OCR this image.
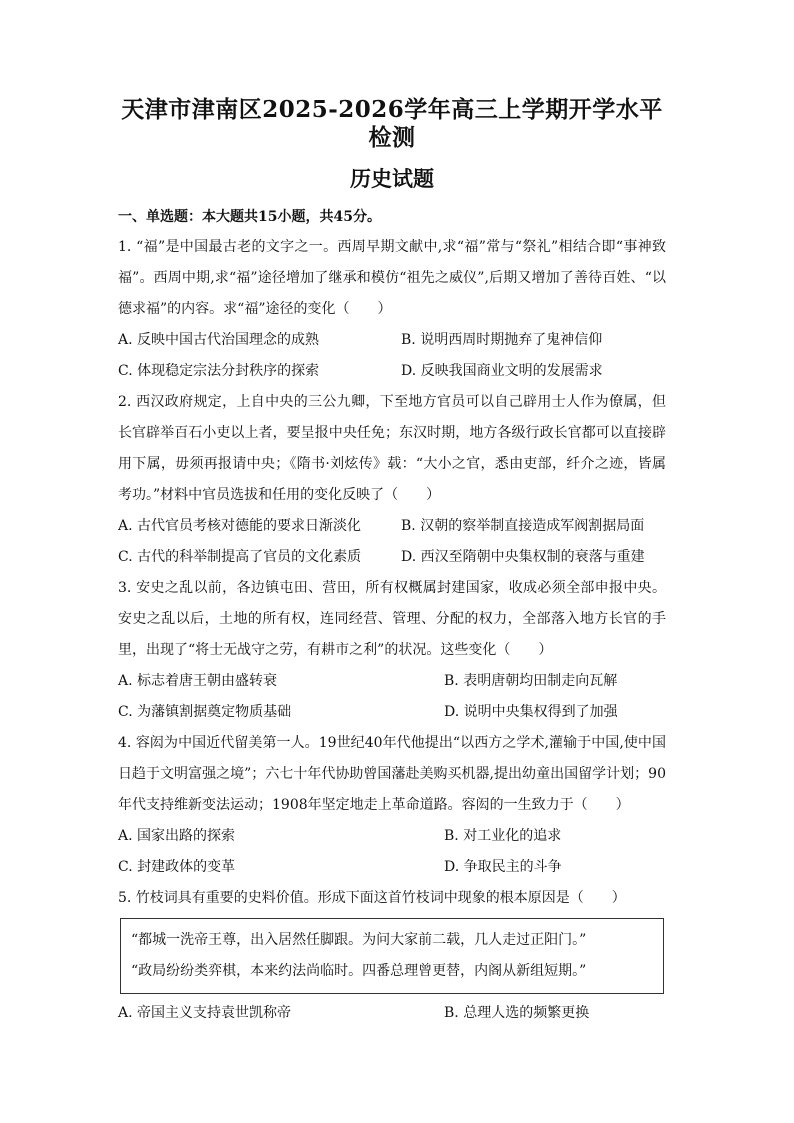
天津市津南区2025-2026学年高三上学期开学水平检测
历史试题
一、单选题：本大题共15小题，共45分。
1. “福”是中国最古老的文字之一。西周早期文献中,求“福”常与“祭礼”相结合即“事神致福”。西周中期,求“福”途径增加了继承和模仿“祖先之威仪”,后期又增加了善待百姓、“以德求福”的内容。求“福”途径的变化（　　）
A. 反映中国古代治国理念的成熟	B. 说明西周时期抛弃了鬼神信仰
C. 体现稳定宗法分封秩序的探索	D. 反映我国商业文明的发展需求
2. 西汉政府规定，上自中央的三公九卿，下至地方官员可以自己辟用士人作为僚属，但长官辟举百石小吏以上者，要呈报中央任免；东汉时期，地方各级行政长官都可以直接辟用下属，毋须再报请中央；《隋书·刘炫传》载：“大小之官，悉由吏部，纤介之迹，皆属考功。”材料中官员选拔和任用的变化反映了（　　）
A. 古代官员考核对德能的要求日渐淡化	B. 汉朝的察举制直接造成军阀割据局面
C. 古代的科举制提高了官员的文化素质	D. 西汉至隋朝中央集权制的衰落与重建
3. 安史之乱以前，各边镇屯田、营田，所有权概属封建国家，收成必须全部申报中央。安史之乱以后，土地的所有权，连同经营、管理、分配的权力，全部落入地方长官的手里，出现了“将士无战守之劳，有耕市之利”的状况。这些变化（　　）
A. 标志着唐王朝由盛转衰	B. 表明唐朝均田制走向瓦解
C. 为藩镇割据奠定物质基础	D. 说明中央集权得到了加强
4. 容闳为中国近代留美第一人。19世纪40年代他提出“以西方之学术,灌输于中国,使中国日趋于文明富强之境”；六七十年代协助曾国藩赴美购买机器,提出幼童出国留学计划；90年代支持维新变法运动；1908年坚定地走上革命道路。容闳的一生致力于（　　）
A. 国家出路的探索	B. 对工业化的追求
C. 封建政体的变革	D. 争取民主的斗争
5. 竹枝词具有重要的史料价值。形成下面这首竹枝词中现象的根本原因是（　　）
“都城一洗帝王尊，出入居然任脚跟。为问大家前二载，几人走过正阳门。”
“政局纷纷类弈棋，本来约法尚临时。四番总理曾更替，内阁从新组短期。”
A. 帝国主义支持袁世凯称帝	B. 总理人选的频繁更换
